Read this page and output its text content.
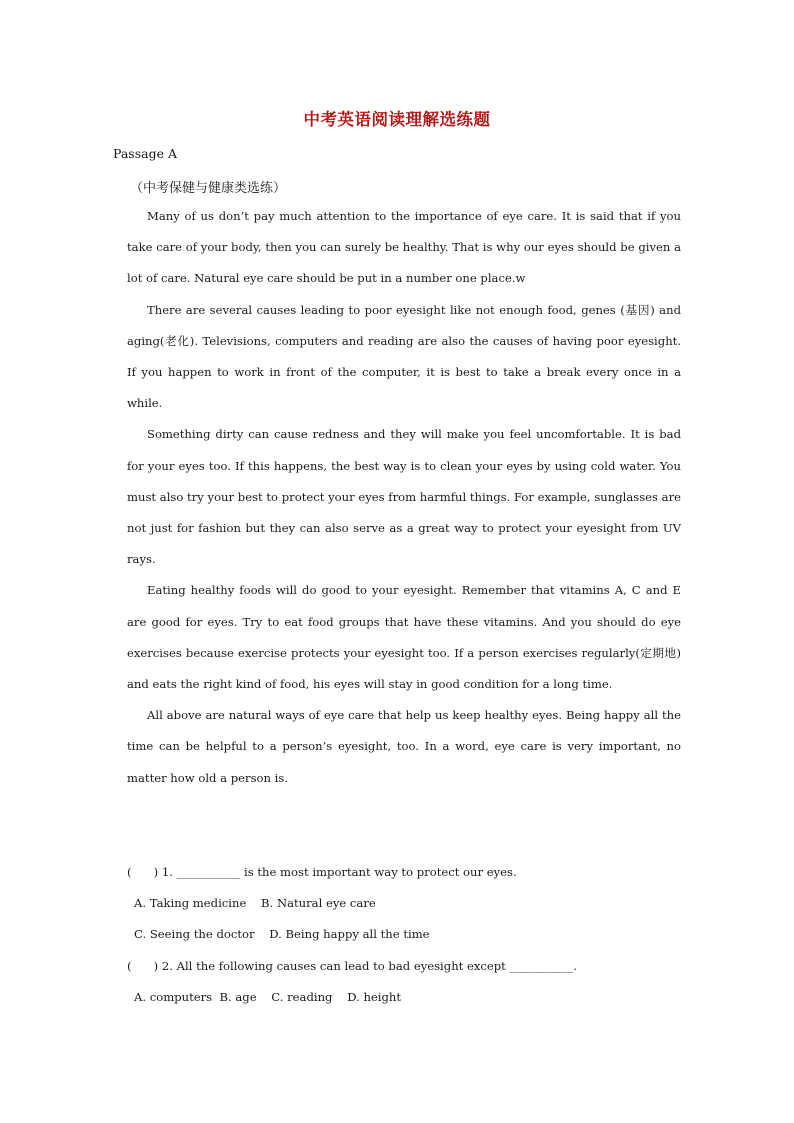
中考英语阅读理解选练题
Passage A
（中考保健与健康类选练）

Many of us don’t pay much attention to the importance of eye care. It is said that if you take care of your body, then you can surely be healthy. That is why our eyes should be given a lot of care. Natural eye care should be put in a number one place.w

There are several causes leading to poor eyesight like not enough food, genes (基因) and aging(老化). Televisions, computers and reading are also the causes of having poor eyesight. If you happen to work in front of the computer, it is best to take a break every once in a while.

Something dirty can cause redness and they will make you feel uncomfortable. It is bad for your eyes too. If this happens, the best way is to clean your eyes by using cold water. You must also try your best to protect your eyes from harmful things. For example, sunglasses are not just for fashion but they can also serve as a great way to protect your eyesight from UV rays.

Eating healthy foods will do good to your eyesight. Remember that vitamins A, C and E are good for eyes. Try to eat food groups that have these vitamins. And you should do eye exercises because exercise protects your eyesight too. If a person exercises regularly(定期地) and eats the right kind of food, his eyes will stay in good condition for a long time.

All above are natural ways of eye care that help us keep healthy eyes. Being happy all the time can be helpful to a person’s eyesight, too. In a word, eye care is very important, no matter how old a person is.

(      ) 1. ___________ is the most important way to protect our eyes.
A. Taking medicine    B. Natural eye care
C. Seeing the doctor    D. Being happy all the time
(      ) 2. All the following causes can lead to bad eyesight except ___________.
A. computers  B. age    C. reading    D. height
